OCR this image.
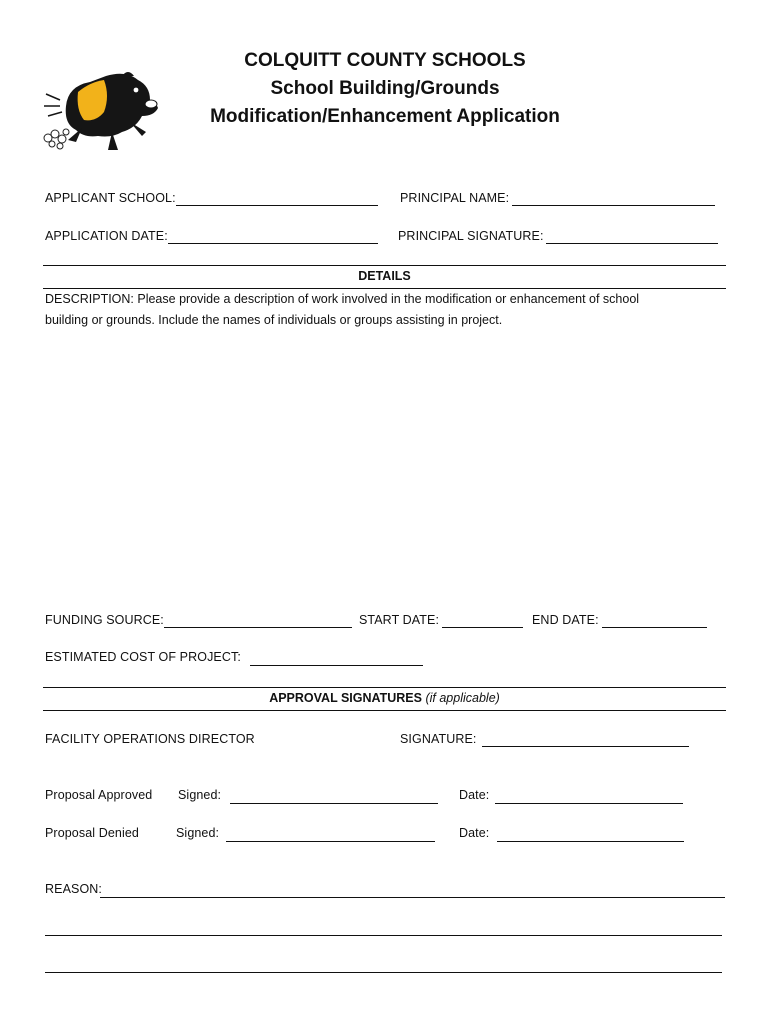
COLQUITT COUNTY SCHOOLS
School Building/Grounds
Modification/Enhancement Application
APPLICANT SCHOOL:	PRINCIPAL NAME:
APPLICATION DATE:	PRINCIPAL SIGNATURE:
DETAILS
DESCRIPTION: Please provide a description of work involved in the modification or enhancement of school
building or grounds. Include the names of individuals or groups assisting in project.
FUNDING SOURCE:	START DATE:	END DATE:
ESTIMATED COST OF PROJECT:
APPROVAL SIGNATURES (if applicable)
FACILITY OPERATIONS DIRECTOR	SIGNATURE:
Proposal Approved Signed:	Date:
Proposal Denied	Signed:	Date:
REASON:
